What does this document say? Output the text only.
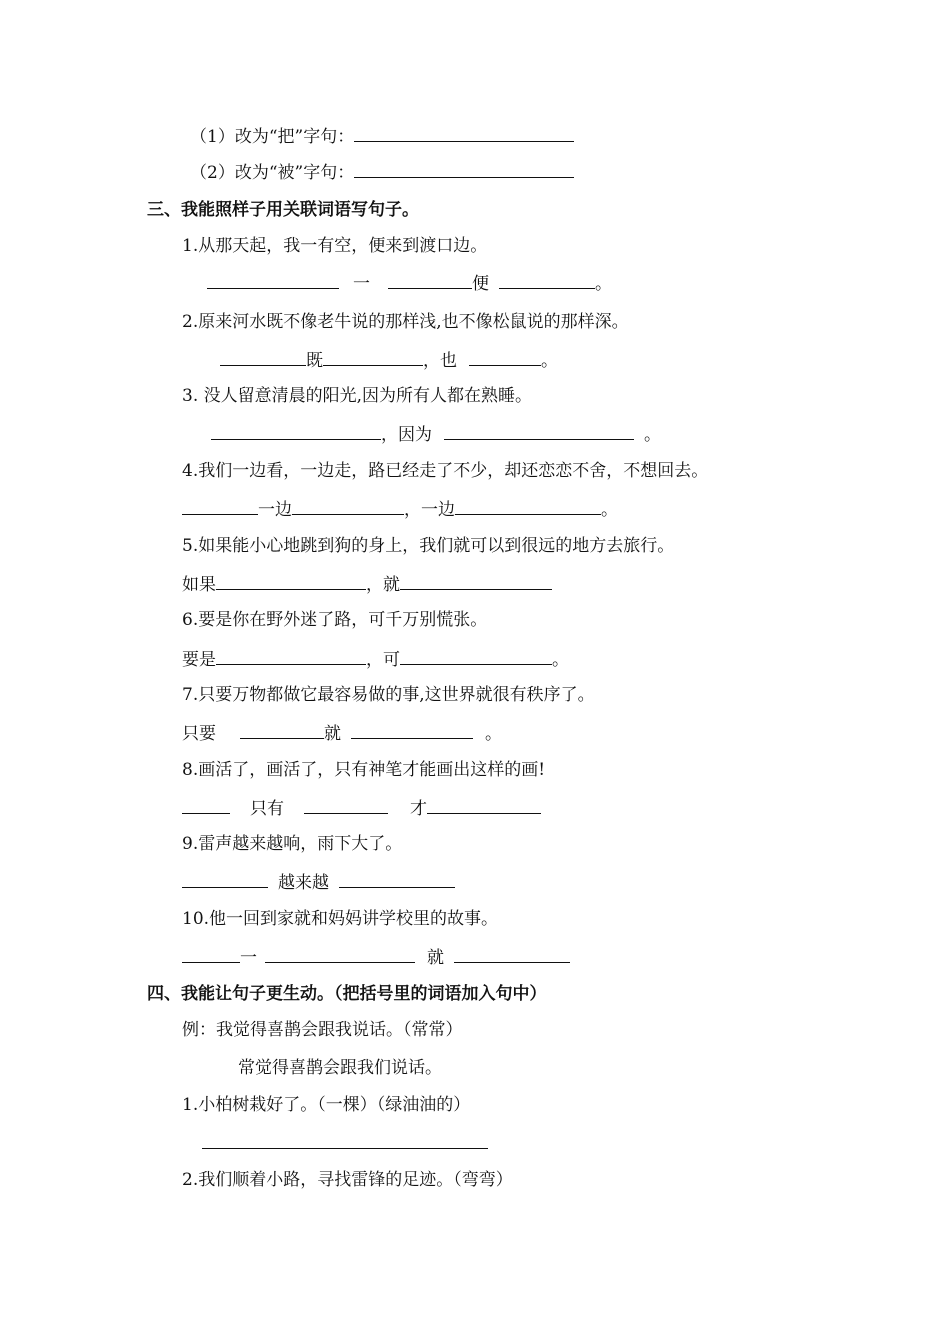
（1）改为“把”字句：
（2）改为“被”字句：
三、我能照样子用关联词语写句子。
1.从那天起，我一有空，便来到渡口边。
一	便	。
2.原来河水既不像老牛说的那样浅,也不像松鼠说的那样深。
既	，也	。
3. 没人留意清晨的阳光,因为所有人都在熟睡。
，因为	。
4.我们一边看，一边走，路已经走了不少，却还恋恋不舍，不想回去。
一边	，一边	。
5.如果能小心地跳到狗的身上，我们就可以到很远的地方去旅行。
如果	，就
6.要是你在野外迷了路，可千万别慌张。
要是	，可	。
7.只要万物都做它最容易做的事,这世界就很有秩序了。
只要	就	。
8.画活了，画活了，只有神笔才能画出这样的画!
只有	才
9.雷声越来越响，雨下大了。
越来越
10.他一回到家就和妈妈讲学校里的故事。
一	就
四、我能让句子更生动。（把括号里的词语加入句中）
例：我觉得喜鹊会跟我说话。（常常）
常觉得喜鹊会跟我们说话。
1.小柏树栽好了。（一棵）（绿油油的）
2.我们顺着小路，寻找雷锋的足迹。（弯弯）
